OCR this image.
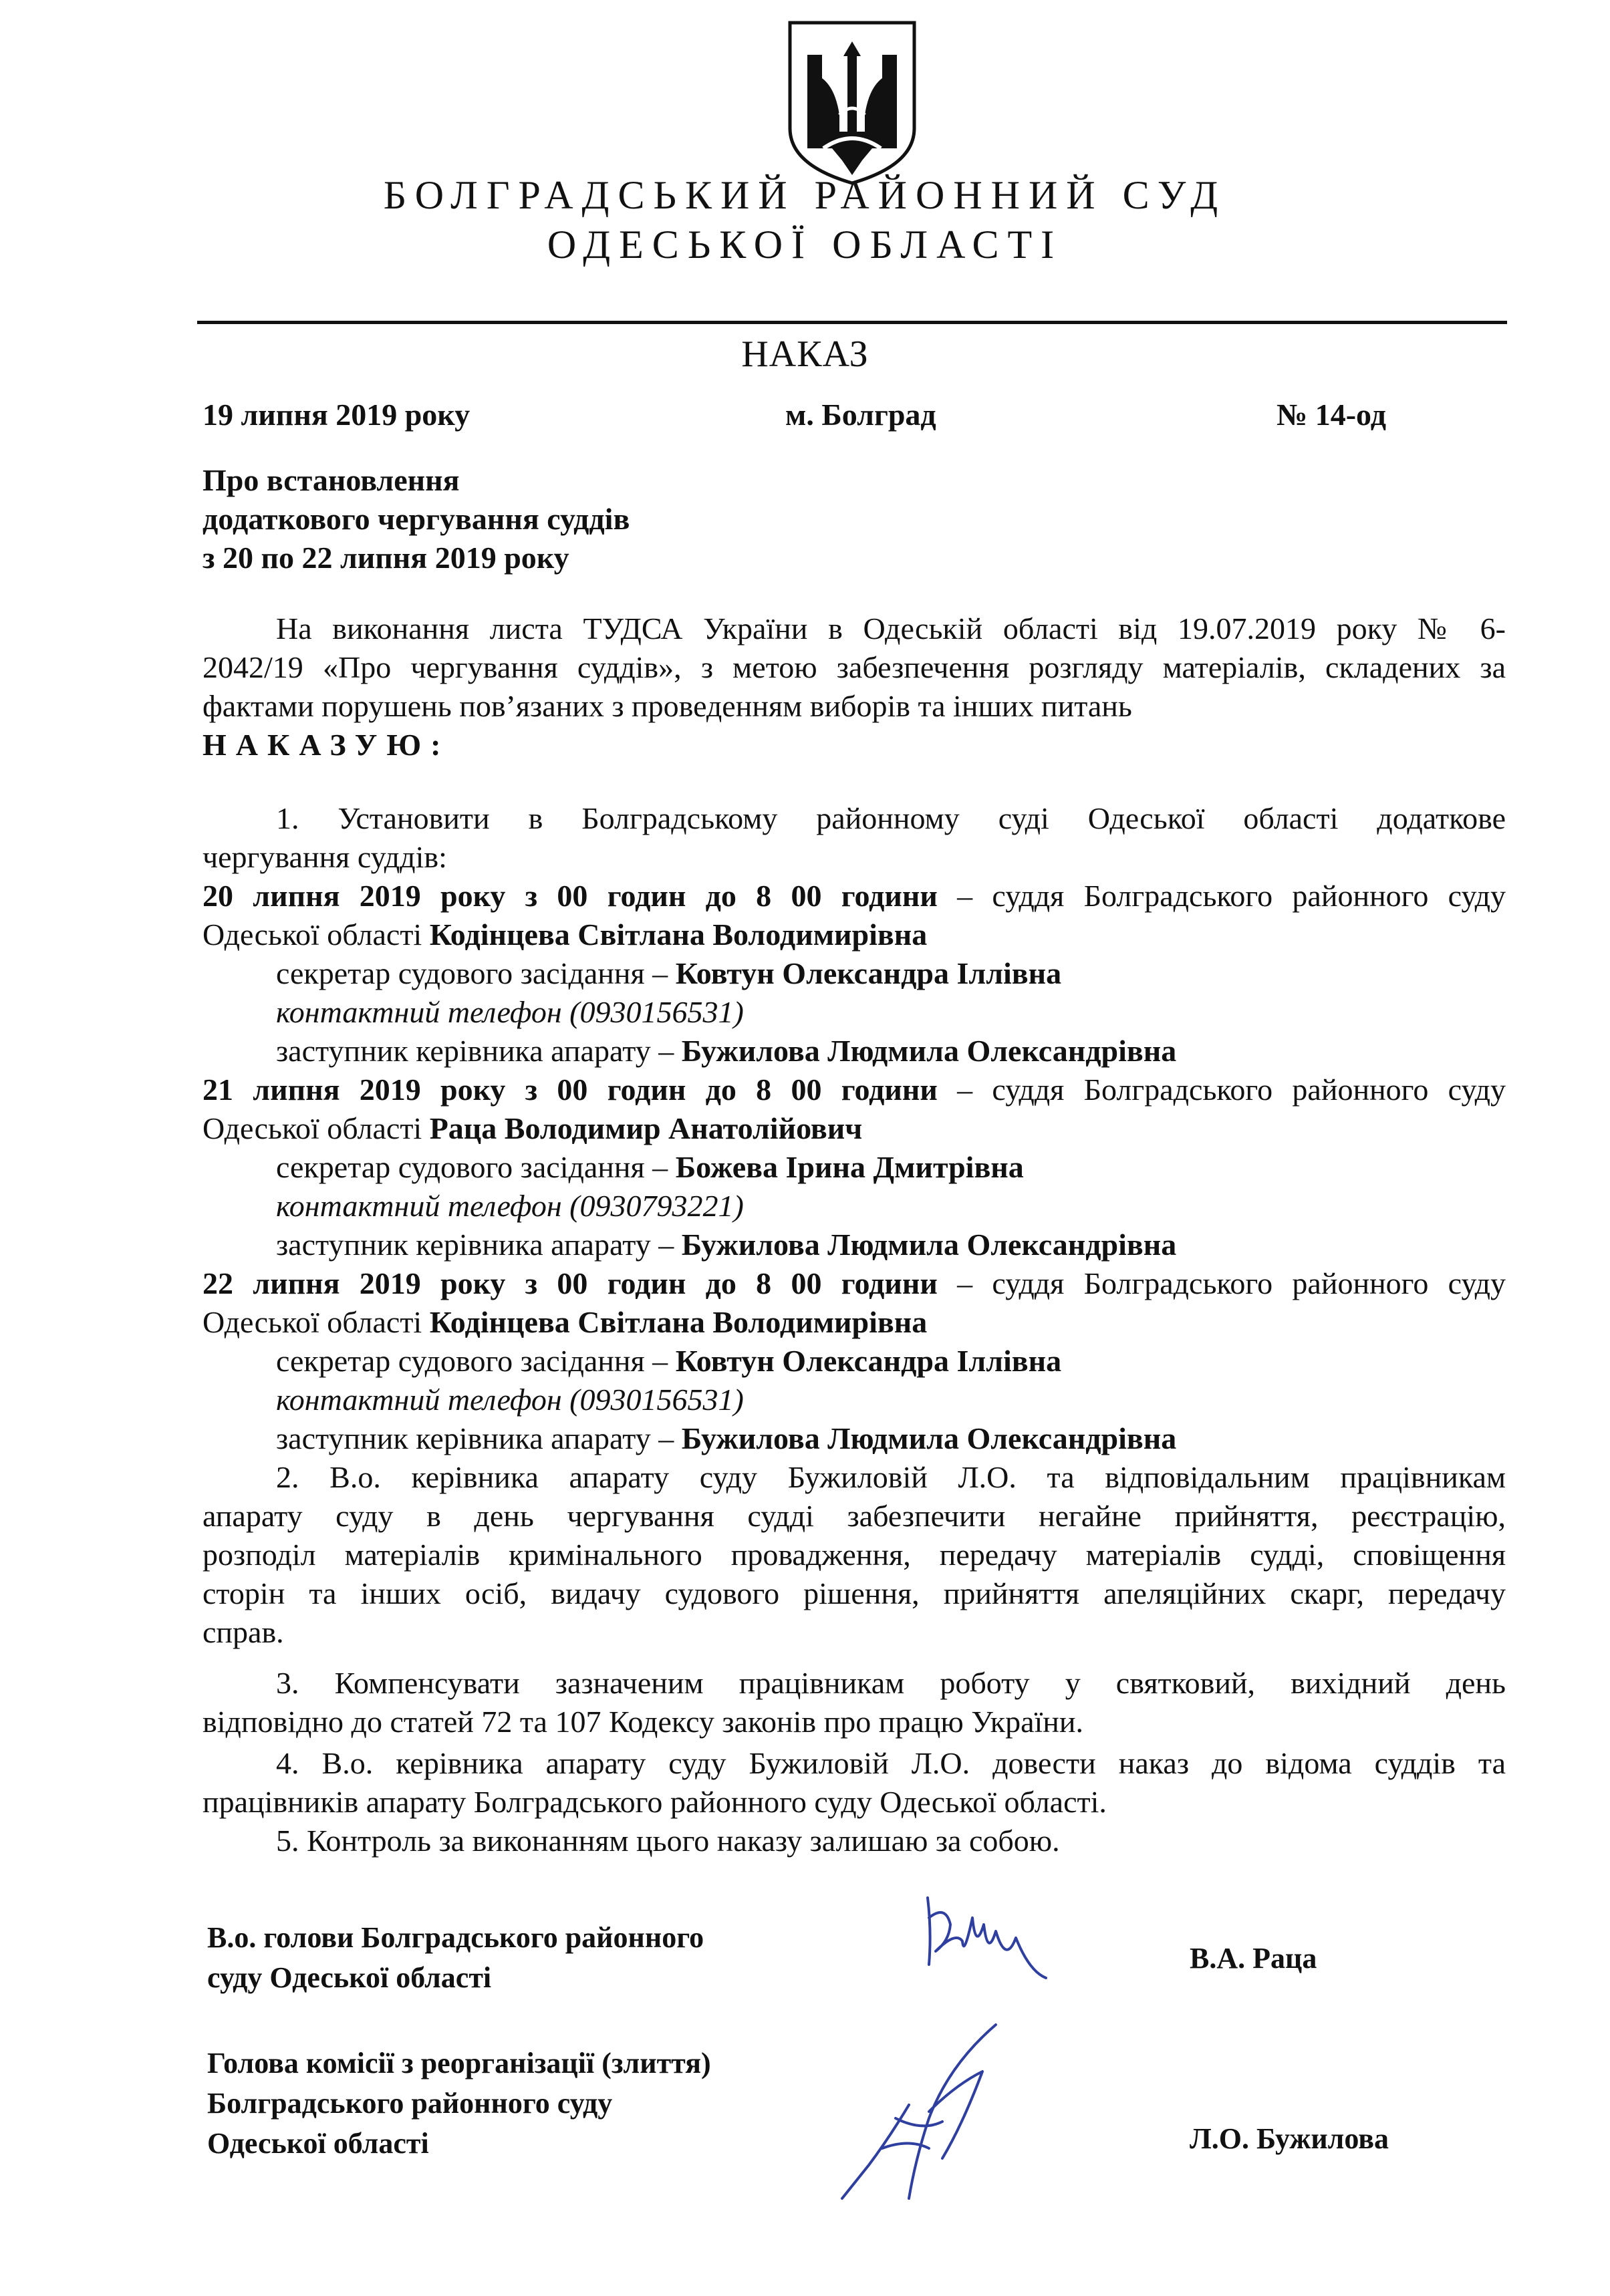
БОЛГРАДСЬКИЙ РАЙОННИЙ СУД
ОДЕСЬКОЇ ОБЛАСТІ
НАКАЗ
19 липня 2019 року	м. Болград	№ 14-од
Про встановлення
додаткового чергування суддів
з 20 по 22 липня 2019 року
На виконання листа ТУДСА України в Одеській області від 19.07.2019 року № 6-
2042/19 «Про чергування суддів», з метою забезпечення розгляду матеріалів, складених за
фактами порушень пов’язаних з проведенням виборів та інших питань
НАКАЗУЮ:
1. Установити в Болградському районному суді Одеської області додаткове
чергування суддів:
20 липня 2019 року з 00 годин до 8 00 години – суддя Болградського районного суду
Одеської області Кодінцева Світлана Володимирівна
секретар судового засідання – Ковтун Олександра Іллівна
контактний телефон (0930156531)
заступник керівника апарату – Бужилова Людмила Олександрівна
21 липня 2019 року з 00 годин до 8 00 години – суддя Болградського районного суду
Одеської області Раца Володимир Анатолійович
секретар судового засідання – Божева Ірина Дмитрівна
контактний телефон (0930793221)
заступник керівника апарату – Бужилова Людмила Олександрівна
22 липня 2019 року з 00 годин до 8 00 години – суддя Болградського районного суду
Одеської області Кодінцева Світлана Володимирівна
секретар судового засідання – Ковтун Олександра Іллівна
контактний телефон (0930156531)
заступник керівника апарату – Бужилова Людмила Олександрівна
2. В.о. керівника апарату суду Бужиловій Л.О. та відповідальним працівникам
апарату суду в день чергування судді забезпечити негайне прийняття, реєстрацію,
розподіл матеріалів кримінального провадження, передачу матеріалів судді, сповіщення
сторін та інших осіб, видачу судового рішення, прийняття апеляційних скарг, передачу
справ.
3. Компенсувати зазначеним працівникам роботу у святковий, вихідний день
відповідно до статей 72 та 107 Кодексу законів про працю України.
4. В.о. керівника апарату суду Бужиловій Л.О. довести наказ до відома суддів та
працівників апарату Болградського районного суду Одеської області.
5. Контроль за виконанням цього наказу залишаю за собою.
В.о. голови Болградського районного
суду Одеської області
В.А. Раца
Голова комісії з реорганізації (злиття)
Болградського районного суду
Одеської області	Л.О. Бужилова
